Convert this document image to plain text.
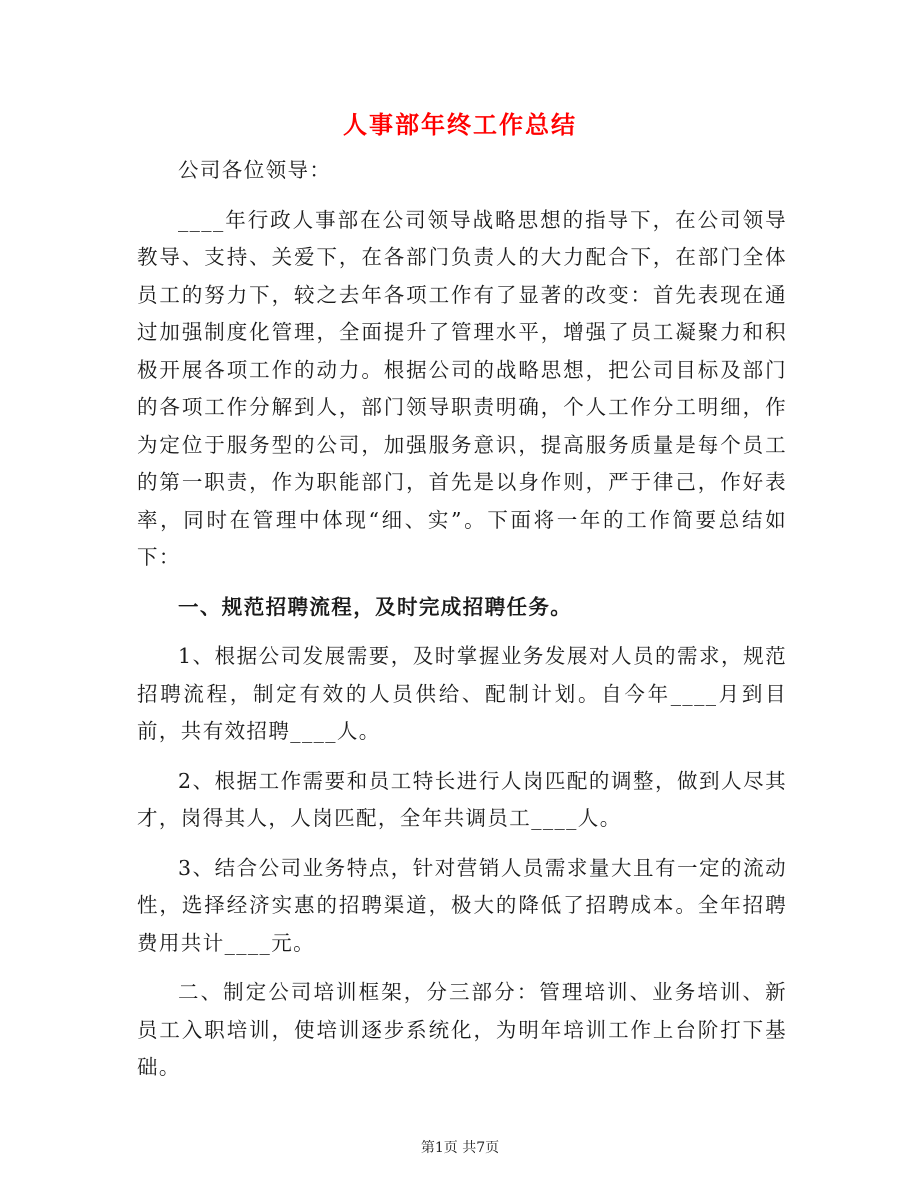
人事部年终工作总结

公司各位领导：

____年行政人事部在公司领导战略思想的指导下，在公司领导教导、支持、关爱下，在各部门负责人的大力配合下，在部门全体员工的努力下，较之去年各项工作有了显著的改变：首先表现在通过加强制度化管理，全面提升了管理水平，增强了员工凝聚力和积极开展各项工作的动力。根据公司的战略思想，把公司目标及部门的各项工作分解到人，部门领导职责明确，个人工作分工明细，作为定位于服务型的公司，加强服务意识，提高服务质量是每个员工的第一职责，作为职能部门，首先是以身作则，严于律己，作好表率，同时在管理中体现“细、实”。下面将一年的工作简要总结如下：

一、规范招聘流程，及时完成招聘任务。

1、根据公司发展需要，及时掌握业务发展对人员的需求，规范招聘流程，制定有效的人员供给、配制计划。自今年____月到目前，共有效招聘____人。

2、根据工作需要和员工特长进行人岗匹配的调整，做到人尽其才，岗得其人，人岗匹配，全年共调员工____人。

3、结合公司业务特点，针对营销人员需求量大且有一定的流动性，选择经济实惠的招聘渠道，极大的降低了招聘成本。全年招聘费用共计____元。

二、制定公司培训框架，分三部分：管理培训、业务培训、新员工入职培训，使培训逐步系统化，为明年培训工作上台阶打下基础。

第1页 共7页
